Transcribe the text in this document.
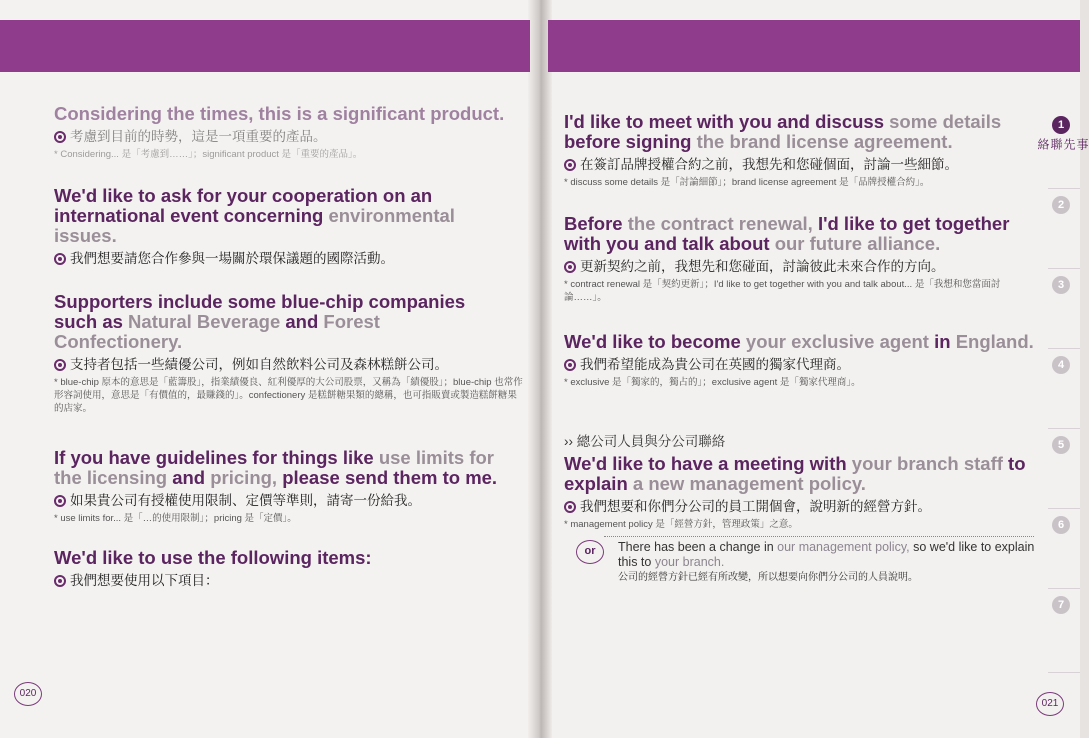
Considering the times, this is a significant product.
考慮到目前的時勢，這是一項重要的產品。
* Considering... 是「考慮到……」；significant product 是「重要的產品」。
We'd like to ask for your cooperation on an international event concerning environmental issues.
我們想要請您合作參與一場關於環保議題的國際活動。
Supporters include some blue-chip companies such as Natural Beverage and Forest Confectionery.
支持者包括一些績優公司，例如自然飲料公司及森林糕餅公司。
* blue-chip 原本的意思是「藍籌股」，指業績優良、紅利優厚的大公司股票，又稱為「績優股」；blue-chip 也常作形容詞使用，意思是「有價值的，最賺錢的」。confectionery 是糕餅糖果類的總稱，也可指販賣或製造糕餅糖果的店家。
If you have guidelines for things like use limits for the licensing and pricing, please send them to me.
如果貴公司有授權使用限制、定價等準則，請寄一份給我。
* use limits for... 是「…的使用限制」；pricing 是「定價」。
We'd like to use the following items:
我們想要使用以下項目：
020
I'd like to meet with you and discuss some details before signing the brand license agreement.
在簽訂品牌授權合約之前，我想先和您碰個面，討論一些細節。
* discuss some details 是「討論細節」；brand license agreement 是「品牌授權合約」。
Before the contract renewal, I'd like to get together with you and talk about our future alliance.
更新契約之前，我想先和您碰面，討論彼此未來合作的方向。
* contract renewal 是「契約更新」；I'd like to get together with you and talk about... 是「我想和您當面討論……」。
We'd like to become your exclusive agent in England.
我們希望能成為貴公司在英國的獨家代理商。
* exclusive 是「獨家的，獨占的」；exclusive agent 是「獨家代理商」。
›› 總公司人員與分公司聯絡
We'd like to have a meeting with your branch staff to explain a new management policy.
我們想要和你們分公司的員工開個會，說明新的經營方針。
* management policy 是「經營方針，管理政策」之意。
or	There has been a change in our management policy, so we'd like to explain this to your branch.
公司的經營方針已經有所改變，所以想要向你們分公司的人員說明。
021
1
事先聯絡
2
3
4
5
6
7
